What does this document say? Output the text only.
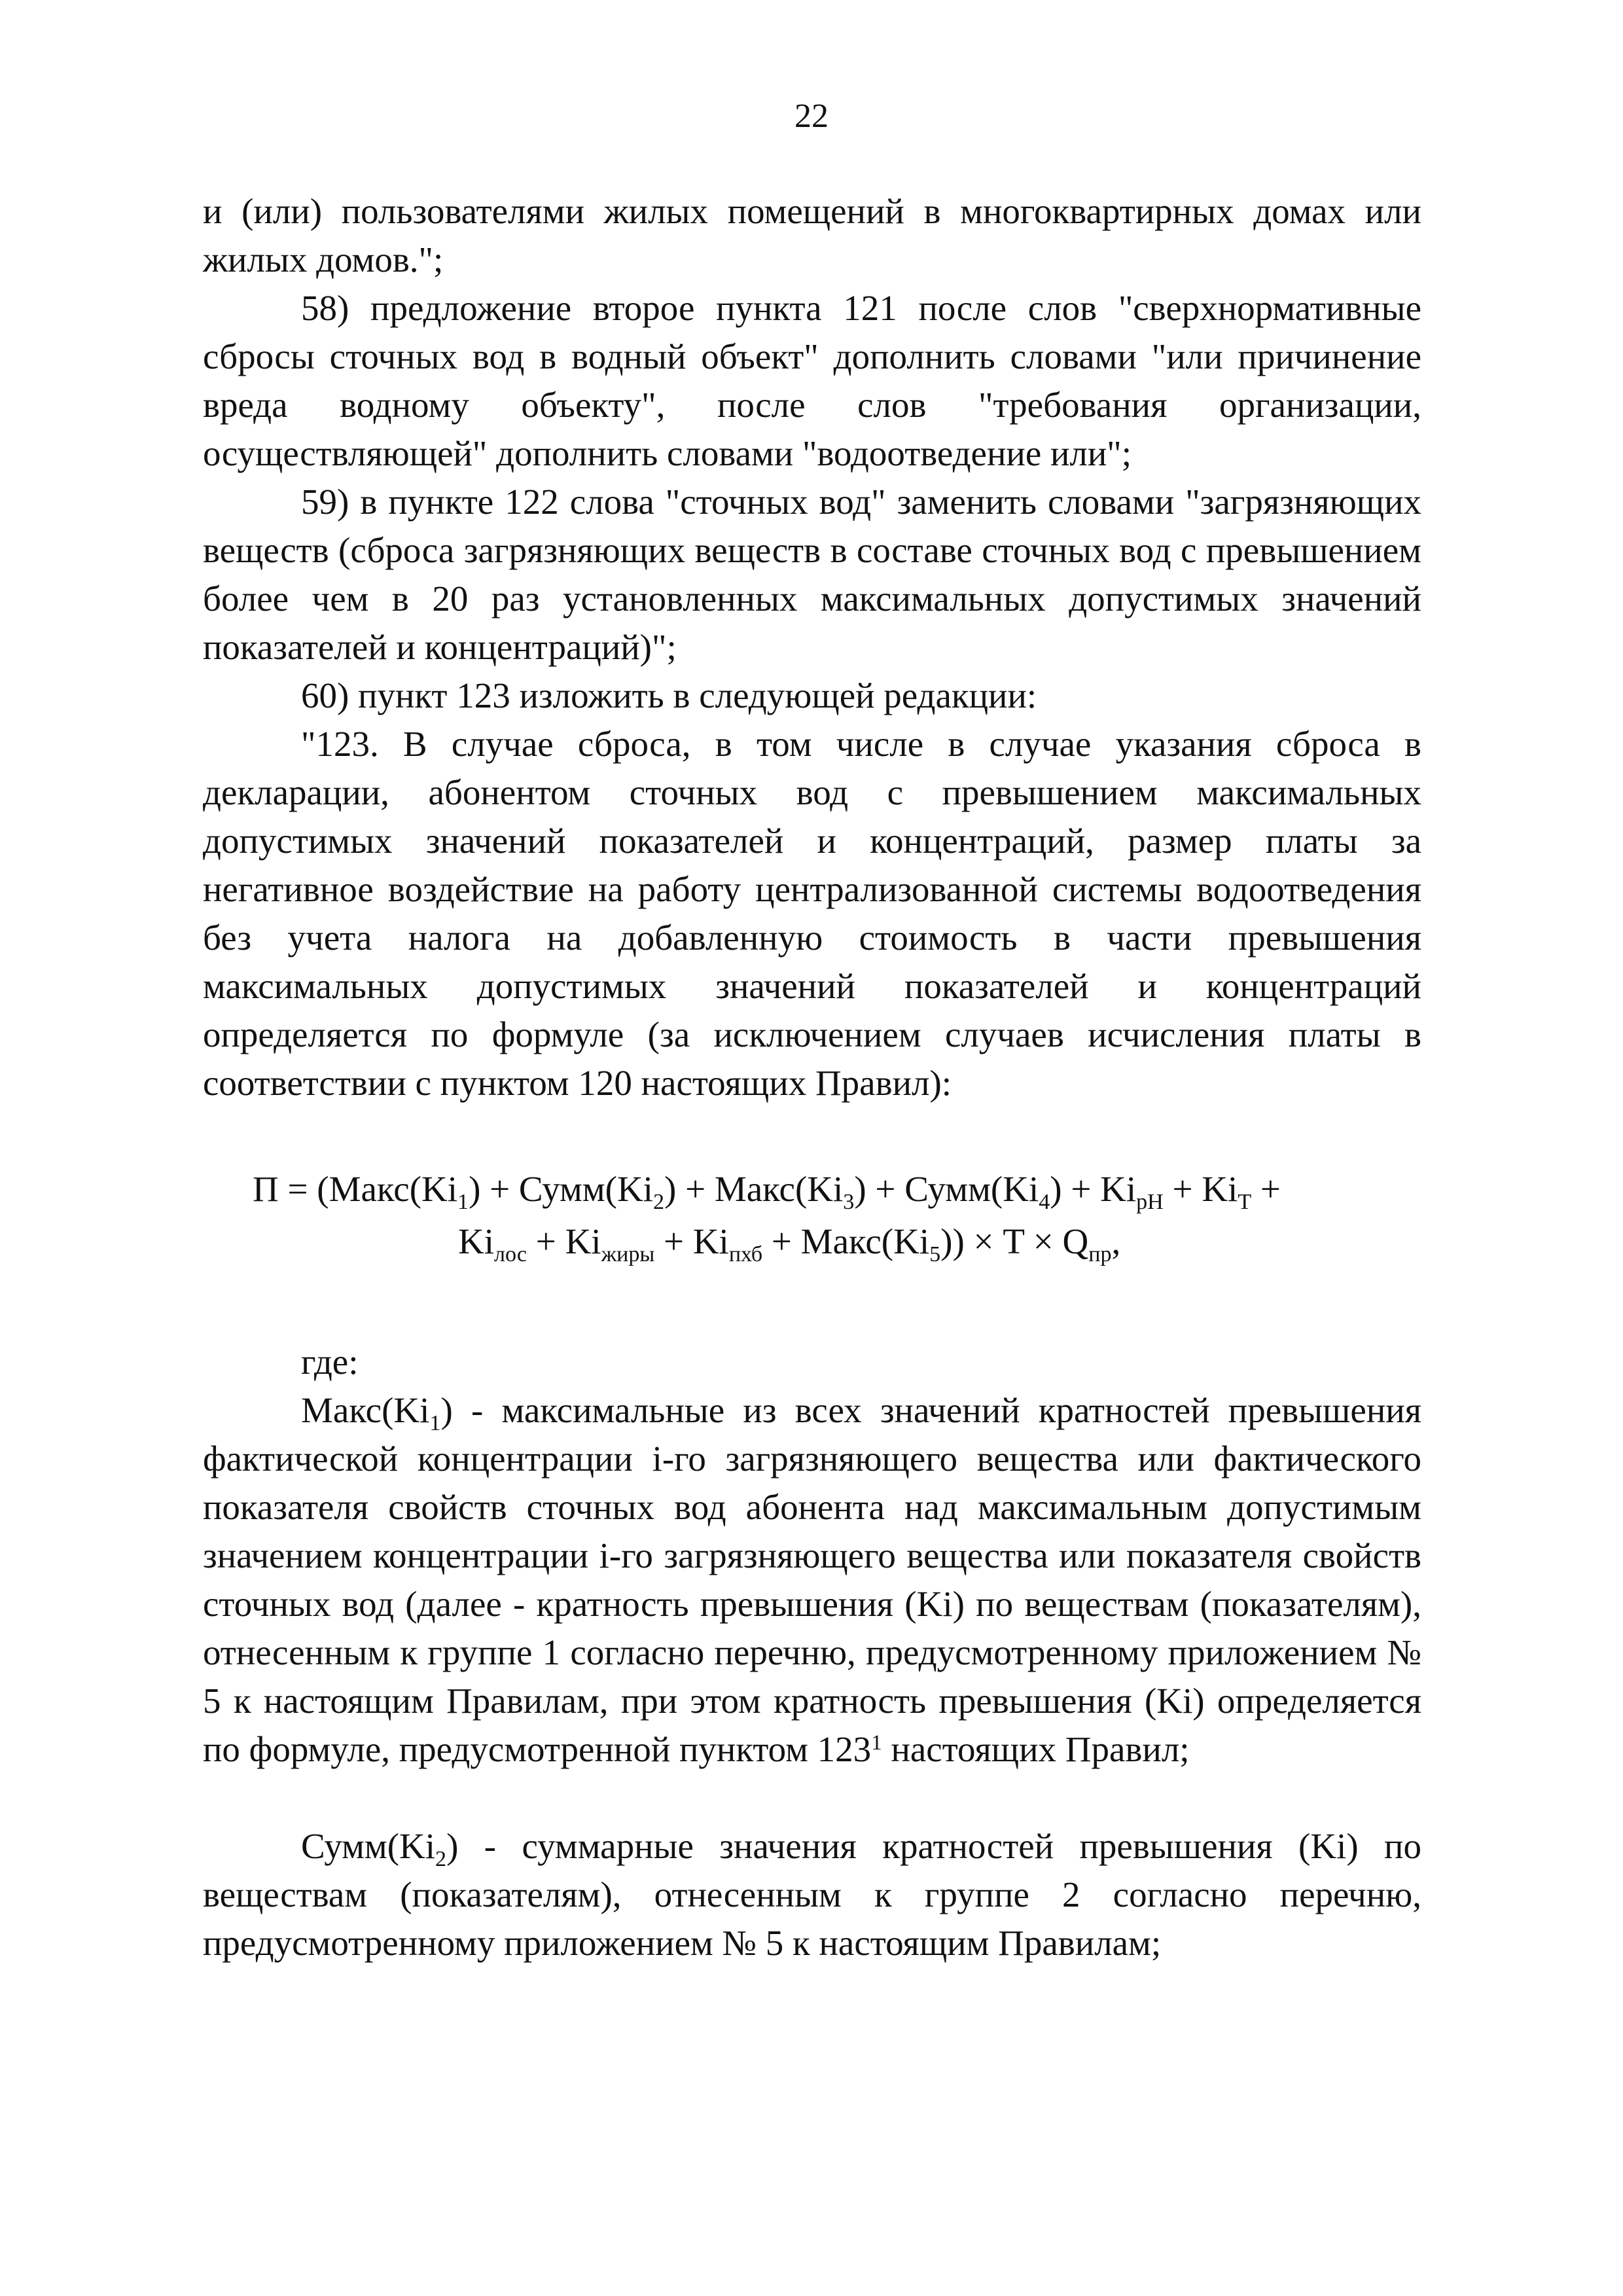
22

и (или) пользователями жилых помещений в многоквартирных домах или жилых домов.";

58) предложение второе пункта 121 после слов "сверхнормативные сбросы сточных вод в водный объект" дополнить словами "или причинение вреда водному объекту", после слов "требования организации, осуществляющей" дополнить словами "водоотведение или";

59) в пункте 122 слова "сточных вод" заменить словами "загрязняющих веществ (сброса загрязняющих веществ в составе сточных вод с превышением более чем в 20 раз установленных максимальных допустимых значений показателей и концентраций)";

60) пункт 123 изложить в следующей редакции:

"123. В случае сброса, в том числе в случае указания сброса в декларации, абонентом сточных вод с превышением максимальных допустимых значений показателей и концентраций, размер платы за негативное воздействие на работу централизованной системы водоотведения без учета налога на добавленную стоимость в части превышения максимальных допустимых значений показателей и концентраций определяется по формуле (за исключением случаев исчисления платы в соответствии с пунктом 120 настоящих Правил):

$П = (Макс(Ki_1)$ + $Сумм(Ki_2)$ + $Макс(Ki_3)$ + $Сумм(Ki_4) + Ki_{pH} + Ki_T$ +
$Ki_{лос} + Ki_{жиры} + Ki_{пхб}$ + $Макс(Ki_5)) \times T \times Q_{пр}$,

где:

$Макс(Ki_1)$ - максимальные из всех значений кратностей превышения фактической концентрации i-го загрязняющего вещества или фактического показателя свойств сточных вод абонента над максимальным допустимым значением концентрации i-го загрязняющего вещества или показателя свойств сточных вод (далее - кратность превышения (Ki) по веществам (показателям), отнесенным к группе 1 согласно перечню, предусмотренному приложением № 5 к настоящим Правилам, при этом кратность превышения (Ki) определяется по формуле, предусмотренной пунктом $123^1$ настоящих Правил;

$Сумм(Ki_2)$ - суммарные значения кратностей превышения (Ki) по веществам (показателям), отнесенным к группе 2 согласно перечню, предусмотренному приложением № 5 к настоящим Правилам;
